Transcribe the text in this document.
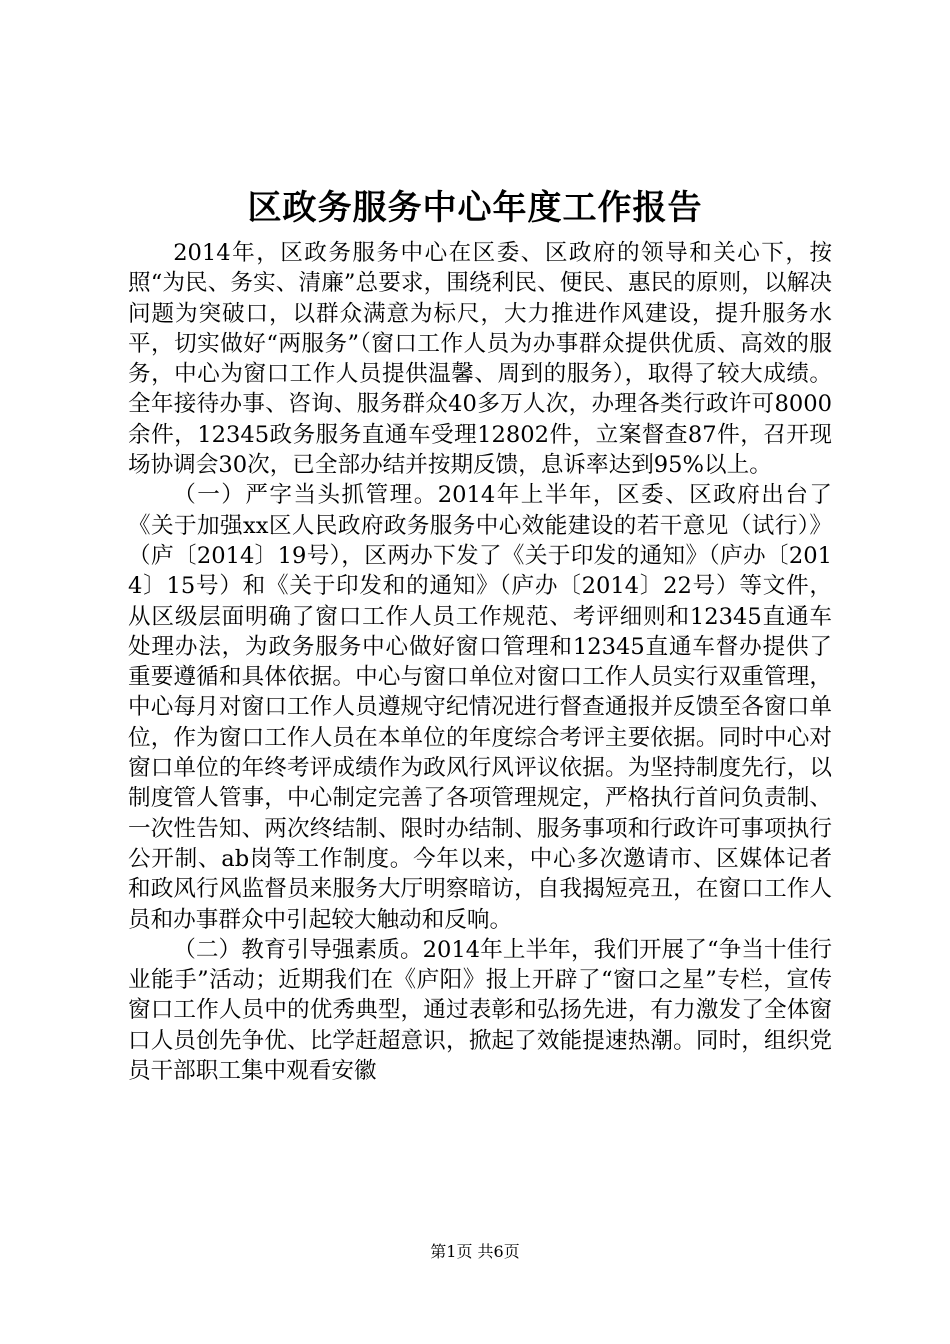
区政务服务中心年度工作报告

2014年，区政务服务中心在区委、区政府的领导和关心下，按照“为民、务实、清廉”总要求，围绕利民、便民、惠民的原则，以解决问题为突破口，以群众满意为标尺，大力推进作风建设，提升服务水平，切实做好“两服务”（窗口工作人员为办事群众提供优质、高效的服务，中心为窗口工作人员提供温馨、周到的服务），取得了较大成绩。全年接待办事、咨询、服务群众40多万人次，办理各类行政许可8000余件，12345政务服务直通车受理12802件，立案督查87件，召开现场协调会30次，已全部办结并按期反馈，息诉率达到95%以上。

（一）严字当头抓管理。2014年上半年，区委、区政府出台了《关于加强xx区人民政府政务服务中心效能建设的若干意见（试行）》（庐〔2014〕19号），区两办下发了《关于印发的通知》（庐办〔2014〕15号）和《关于印发和的通知》（庐办〔2014〕22号）等文件，从区级层面明确了窗口工作人员工作规范、考评细则和12345直通车处理办法，为政务服务中心做好窗口管理和12345直通车督办提供了重要遵循和具体依据。中心与窗口单位对窗口工作人员实行双重管理，中心每月对窗口工作人员遵规守纪情况进行督查通报并反馈至各窗口单位，作为窗口工作人员在本单位的年度综合考评主要依据。同时中心对窗口单位的年终考评成绩作为政风行风评议依据。为坚持制度先行，以制度管人管事，中心制定完善了各项管理规定，严格执行首问负责制、一次性告知、两次终结制、限时办结制、服务事项和行政许可事项执行公开制、ab岗等工作制度。今年以来，中心多次邀请市、区媒体记者和政风行风监督员来服务大厅明察暗访，自我揭短亮丑，在窗口工作人员和办事群众中引起较大触动和反响。

（二）教育引导强素质。2014年上半年，我们开展了“争当十佳行业能手”活动；近期我们在《庐阳》报上开辟了“窗口之星”专栏，宣传窗口工作人员中的优秀典型，通过表彰和弘扬先进，有力激发了全体窗口人员创先争优、比学赶超意识，掀起了效能提速热潮。同时，组织党员干部职工集中观看安徽

第1页 共6页
